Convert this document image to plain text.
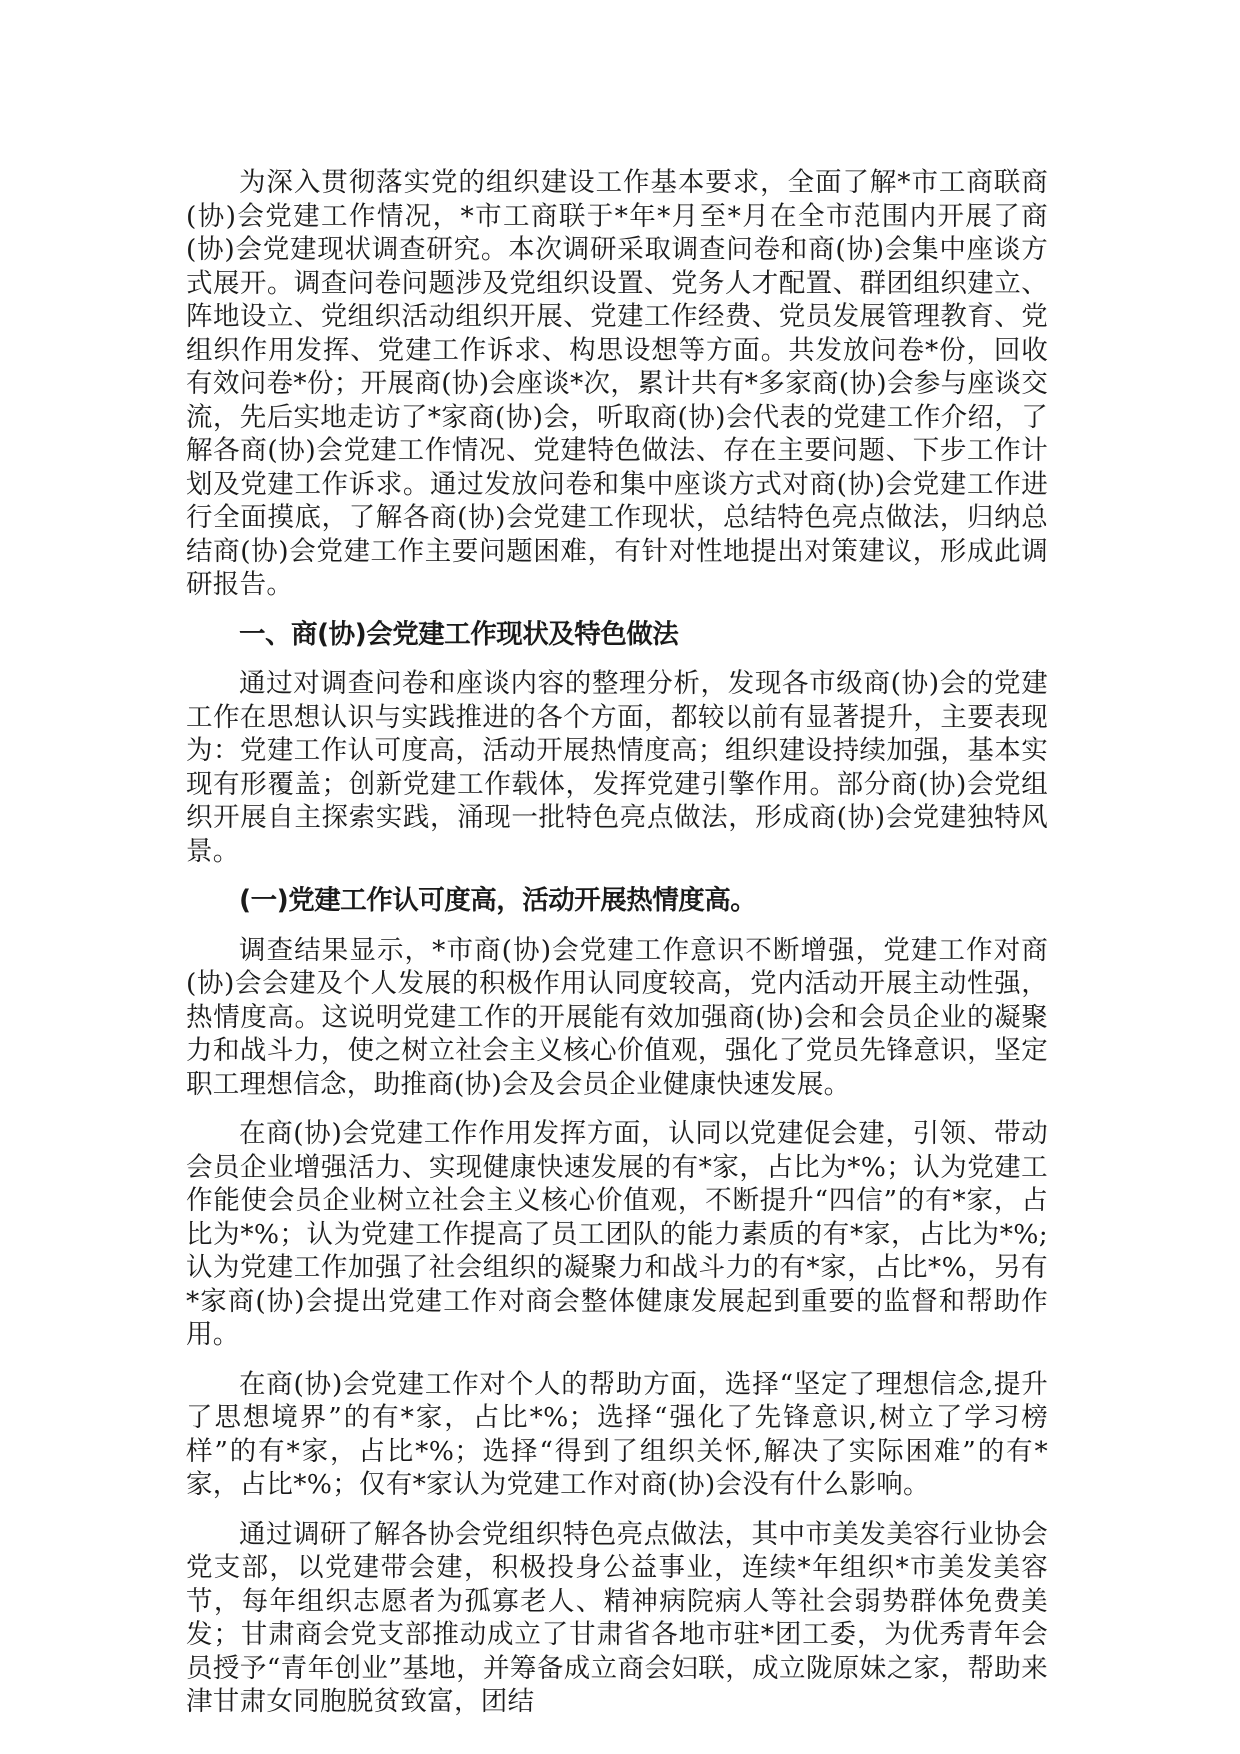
为深入贯彻落实党的组织建设工作基本要求，全面了解*市工商联商(协)会党建工作情况，*市工商联于*年*月至*月在全市范围内开展了商(协)会党建现状调查研究。本次调研采取调查问卷和商(协)会集中座谈方式展开。调查问卷问题涉及党组织设置、党务人才配置、群团组织建立、阵地设立、党组织活动组织开展、党建工作经费、党员发展管理教育、党组织作用发挥、党建工作诉求、构思设想等方面。共发放问卷*份，回收有效问卷*份；开展商(协)会座谈*次，累计共有*多家商(协)会参与座谈交流，先后实地走访了*家商(协)会，听取商(协)会代表的党建工作介绍，了解各商(协)会党建工作情况、党建特色做法、存在主要问题、下步工作计划及党建工作诉求。通过发放问卷和集中座谈方式对商(协)会党建工作进行全面摸底，了解各商(协)会党建工作现状，总结特色亮点做法，归纳总结商(协)会党建工作主要问题困难，有针对性地提出对策建议，形成此调研报告。

一、商(协)会党建工作现状及特色做法

通过对调查问卷和座谈内容的整理分析，发现各市级商(协)会的党建工作在思想认识与实践推进的各个方面，都较以前有显著提升，主要表现为：党建工作认可度高，活动开展热情度高；组织建设持续加强，基本实现有形覆盖；创新党建工作载体，发挥党建引擎作用。部分商(协)会党组织开展自主探索实践，涌现一批特色亮点做法，形成商(协)会党建独特风景。

(一)党建工作认可度高，活动开展热情度高。

调查结果显示，*市商(协)会党建工作意识不断增强，党建工作对商(协)会会建及个人发展的积极作用认同度较高，党内活动开展主动性强，热情度高。这说明党建工作的开展能有效加强商(协)会和会员企业的凝聚力和战斗力，使之树立社会主义核心价值观，强化了党员先锋意识，坚定职工理想信念，助推商(协)会及会员企业健康快速发展。

在商(协)会党建工作作用发挥方面，认同以党建促会建，引领、带动会员企业增强活力、实现健康快速发展的有*家，占比为*%；认为党建工作能使会员企业树立社会主义核心价值观，不断提升“四信”的有*家，占比为*%；认为党建工作提高了员工团队的能力素质的有*家，占比为*%;认为党建工作加强了社会组织的凝聚力和战斗力的有*家，占比*%，另有*家商(协)会提出党建工作对商会整体健康发展起到重要的监督和帮助作用。

在商(协)会党建工作对个人的帮助方面，选择“坚定了理想信念,提升了思想境界”的有*家，占比*%；选择“强化了先锋意识,树立了学习榜样”的有*家，占比*%；选择“得到了组织关怀,解决了实际困难”的有*家，占比*%；仅有*家认为党建工作对商(协)会没有什么影响。

通过调研了解各协会党组织特色亮点做法，其中市美发美容行业协会党支部，以党建带会建，积极投身公益事业，连续*年组织*市美发美容节，每年组织志愿者为孤寡老人、精神病院病人等社会弱势群体免费美发；甘肃商会党支部推动成立了甘肃省各地市驻*团工委，为优秀青年会员授予“青年创业”基地，并筹备成立商会妇联，成立陇原妹之家，帮助来津甘肃女同胞脱贫致富，团结
